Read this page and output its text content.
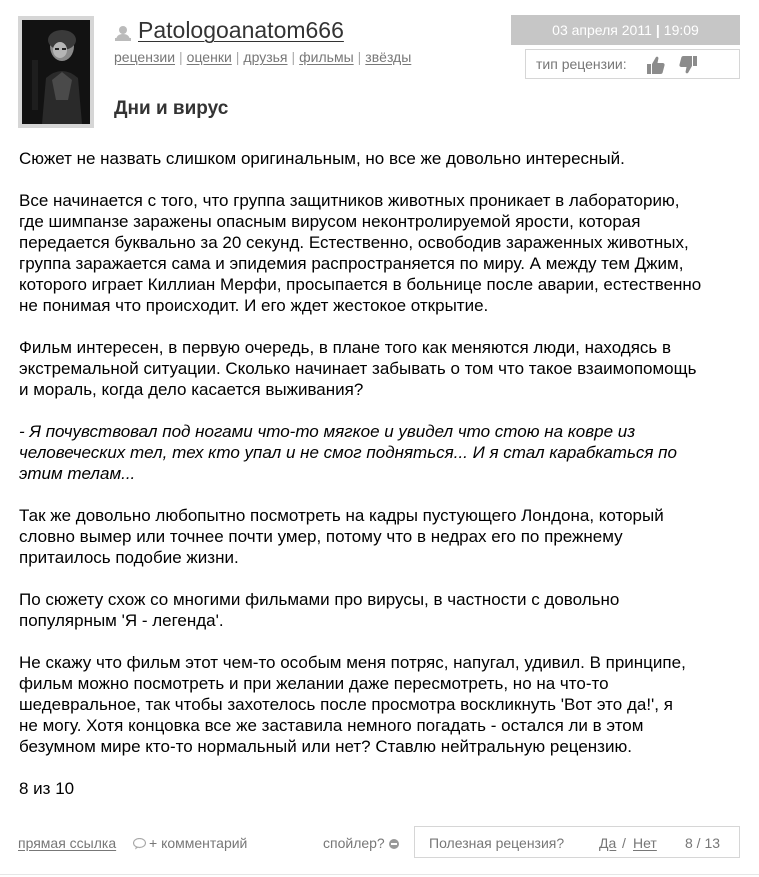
Patologoanatom666
рецензии | оценки | друзья | фильмы | звёзды
Дни и вирус
03 апреля 2011 | 19:09
тип рецензии:

Сюжет не назвать слишком оригинальным, но все же довольно интересный.

Все начинается с того, что группа защитников животных проникает в лабораторию,
где шимпанзе заражены опасным вирусом неконтролируемой ярости, которая
передается буквально за 20 секунд. Естественно, освободив зараженных животных,
группа заражается сама и эпидемия распространяется по миру. А между тем Джим,
которого играет Киллиан Мерфи, просыпается в больнице после аварии, естественно
не понимая что происходит. И его ждет жестокое открытие.

Фильм интересен, в первую очередь, в плане того как меняются люди, находясь в
экстремальной ситуации. Сколько начинает забывать о том что такое взаимопомощь
и мораль, когда дело касается выживания?

- Я почувствовал под ногами что-то мягкое и увидел что стою на ковре из
человеческих тел, тех кто упал и не смог подняться... И я стал карабкаться по
этим телам...

Так же довольно любопытно посмотреть на кадры пустующего Лондона, который
словно вымер или точнее почти умер, потому что в недрах его по прежнему
притаилось подобие жизни.

По сюжету схож со многими фильмами про вирусы, в частности с довольно
популярным 'Я - легенда'.

Не скажу что фильм этот чем-то особым меня потряс, напугал, удивил. В принципе,
фильм можно посмотреть и при желании даже пересмотреть, но на что-то
шедевральное, так чтобы захотелось после просмотра воскликнуть 'Вот это да!', я
не могу. Хотя концовка все же заставила немного погадать - остался ли в этом
безумном мире кто-то нормальный или нет? Ставлю нейтральную рецензию.

8 из 10

прямая ссылка	+ комментарий	спойлер?	Полезная рецензия? Да / Нет 8 / 13
